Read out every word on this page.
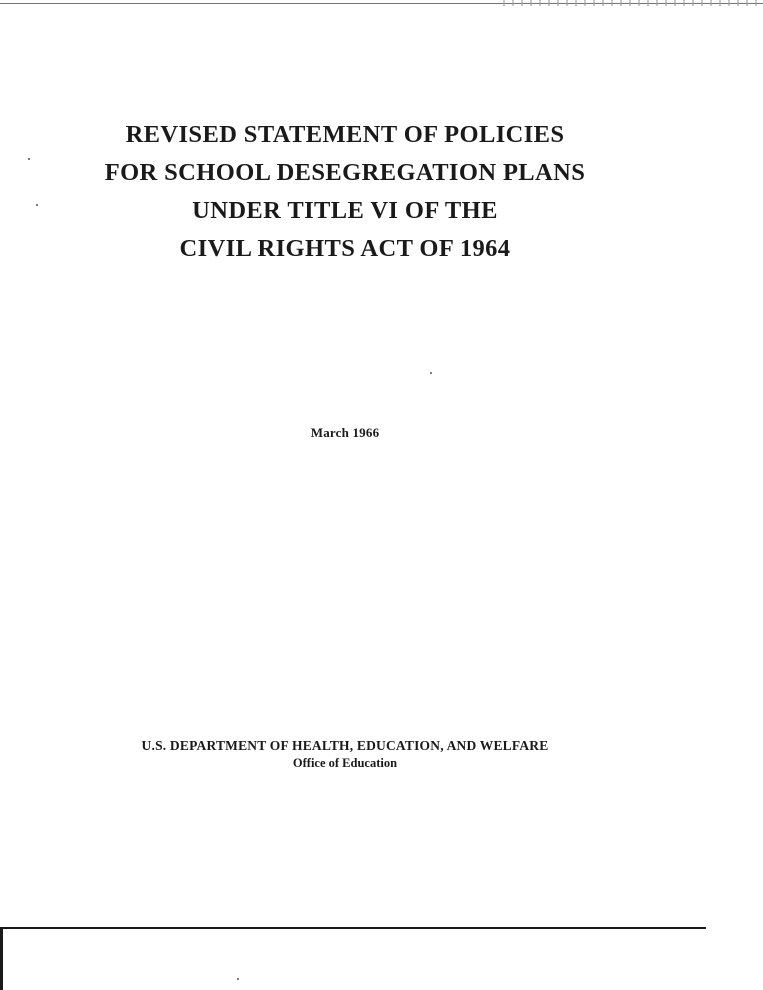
REVISED STATEMENT OF POLICIES
FOR SCHOOL DESEGREGATION PLANS
UNDER TITLE VI OF THE
CIVIL RIGHTS ACT OF 1964
March 1966
U.S. DEPARTMENT OF HEALTH, EDUCATION, AND WELFARE
Office of Education
